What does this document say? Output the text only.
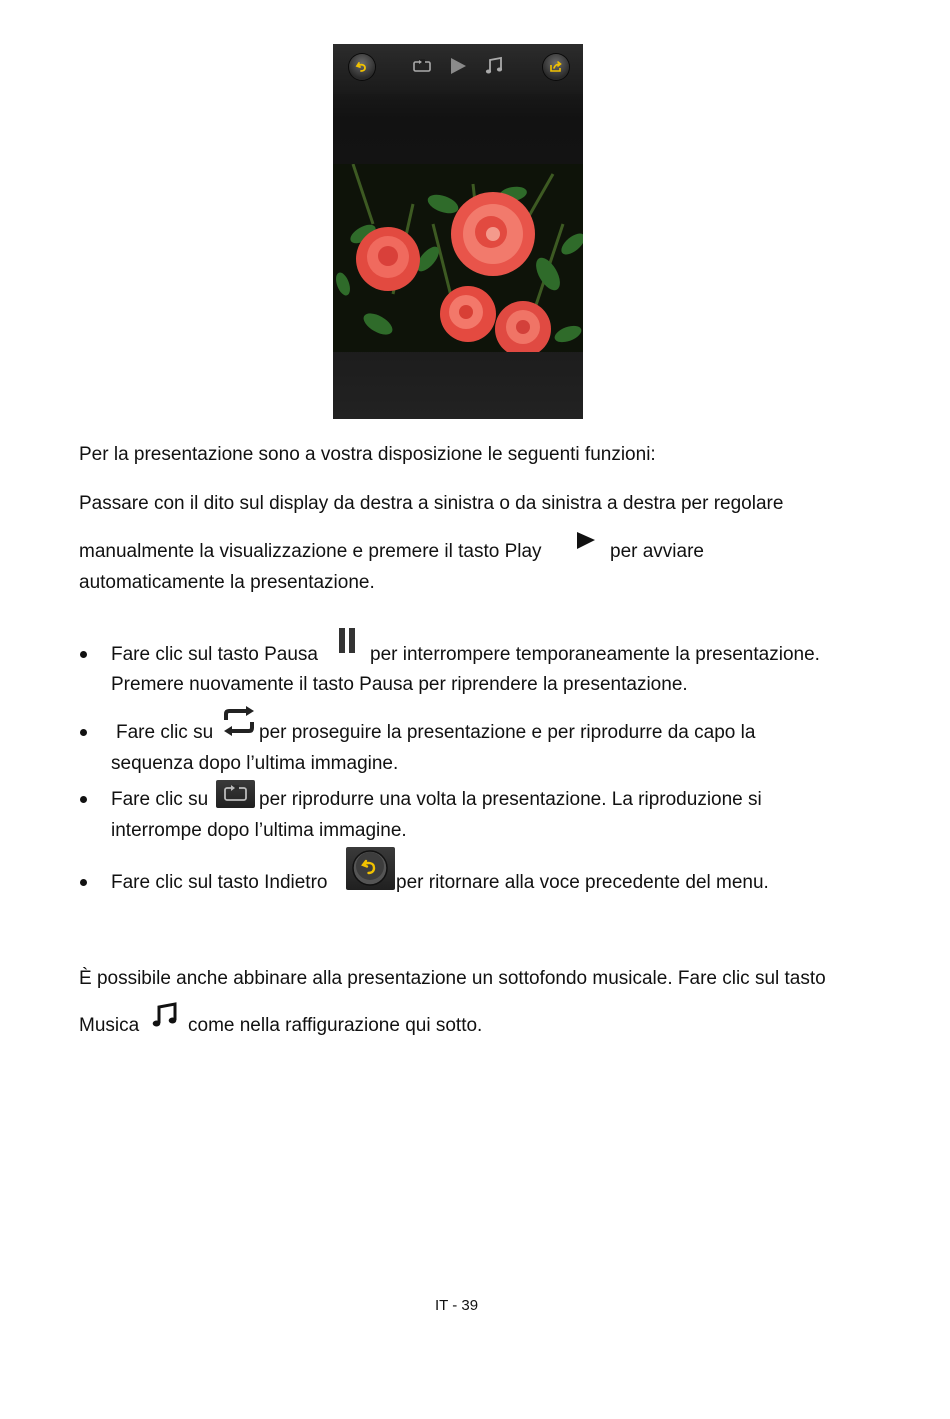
Per la presentazione sono a vostra disposizione le seguenti funzioni:
Passare con il dito sul display da destra a sinistra o da sinistra a destra per regolare
manualmente la visualizzazione e premere il tasto Play	per avviare
automaticamente la presentazione.
Fare clic sul tasto Pausa	per interrompere temporaneamente la presentazione.
Premere nuovamente il tasto Pausa per riprendere la presentazione.
Fare clic su per proseguire la presentazione e per riprodurre da capo la
sequenza dopo l’ultima immagine.
Fare clic su	per riprodurre una volta la presentazione. La riproduzione si
interrompe dopo l’ultima immagine.
Fare clic sul tasto Indietro	per ritornare alla voce precedente del menu.
È possibile anche abbinare alla presentazione un sottofondo musicale. Fare clic sul tasto
Musica	come nella raffigurazione qui sotto.
IT - 39
